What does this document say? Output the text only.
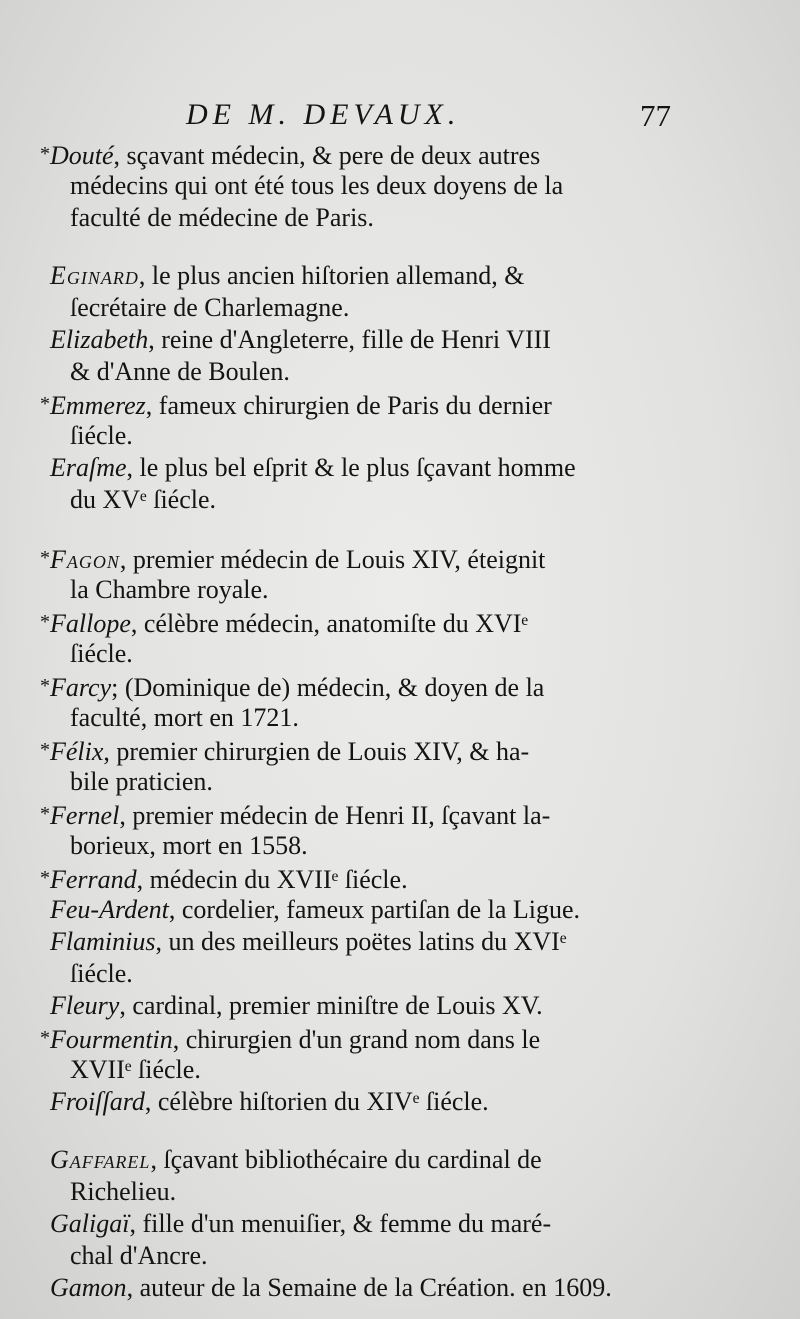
DE M. DEVAUX.	77
*Douté, sçavant médecin, & pere de deux autres
médecins qui ont été tous les deux doyens de la
faculté de médecine de Paris.
Eginard, le plus ancien hiſtorien allemand, &
ſecrétaire de Charlemagne.
Elizabeth, reine d'Angleterre, fille de Henri VIII
& d'Anne de Boulen.
*Emmerez, fameux chirurgien de Paris du dernier
ſiécle.
Eraſme, le plus bel eſprit & le plus ſçavant homme
du XVᵉ ſiécle.
*Fagon, premier médecin de Louis XIV, éteignit
la Chambre royale.
*Fallope, célèbre médecin, anatomiſte du XVIᵉ
ſiécle.
*Farcy; (Dominique de) médecin, & doyen de la
faculté, mort en 1721.
*Félix, premier chirurgien de Louis XIV, & ha-
bile praticien.
*Fernel, premier médecin de Henri II, ſçavant la-
borieux, mort en 1558.
*Ferrand, médecin du XVIIᵉ ſiécle.
Feu-Ardent, cordelier, fameux partiſan de la Ligue.
Flaminius, un des meilleurs poëtes latins du XVIᵉ
ſiécle.
Fleury, cardinal, premier miniſtre de Louis XV.
*Fourmentin, chirurgien d'un grand nom dans le
XVIIᵉ ſiécle.
Froiſſard, célèbre hiſtorien du XIVᵉ ſiécle.
Gaffarel, ſçavant bibliothécaire du cardinal de
Richelieu.
Galigaï, fille d'un menuiſier, & femme du maré-
chal d'Ancre.
Gamon, auteur de la Semaine de la Création. en 1609.
